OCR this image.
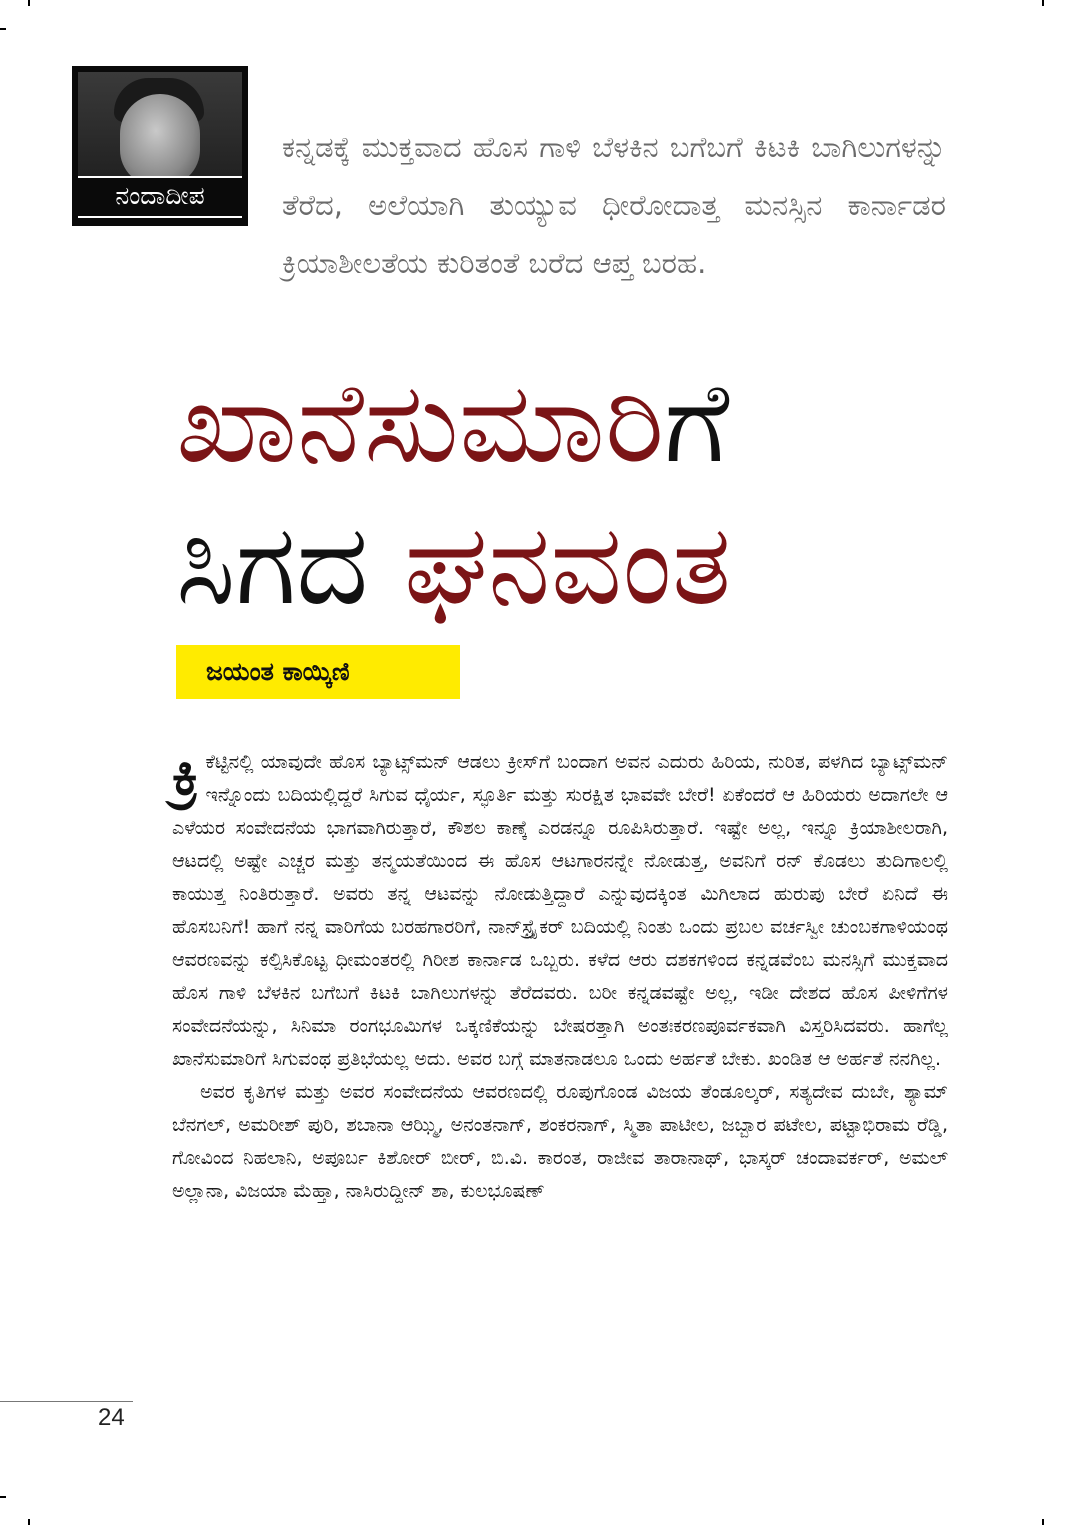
ನಂದಾದೀಪ
ಕನ್ನಡಕ್ಕೆ ಮುಕ್ತವಾದ ಹೊಸ ಗಾಳಿ ಬೆಳಕಿನ ಬಗೆಬಗೆ ಕಿಟಕಿ ಬಾಗಿಲುಗಳನ್ನು ತೆರೆದ, ಅಲೆಯಾಗಿ ತುಯ್ಯುವ ಧೀರೋದಾತ್ತ ಮನಸ್ಸಿನ ಕಾರ್ನಾಡರ ಕ್ರಿಯಾಶೀಲತೆಯ ಕುರಿತಂತೆ ಬರೆದ ಆಪ್ತ ಬರಹ.
ಖಾನೆಸುಮಾರಿಗೆ
ಸಿಗದ ಘನವಂತ
ಜಯಂತ ಕಾಯ್ಕಿಣಿ

ಕ್ರಿ ಕೆಟ್ಟಿನಲ್ಲಿ ಯಾವುದೇ ಹೊಸ ಬ್ಯಾಟ್ಸ್‌ಮನ್ ಆಡಲು ಕ್ರೀಸ್‌ಗೆ ಬಂದಾಗ ಅವನ ಎದುರು ಹಿರಿಯ, ನುರಿತ, ಪಳಗಿದ ಬ್ಯಾಟ್ಸ್‌ಮನ್ ಇನ್ನೊಂದು ಬದಿಯಲ್ಲಿದ್ದರೆ ಸಿಗುವ ಧೈರ್ಯ, ಸ್ಫೂರ್ತಿ ಮತ್ತು ಸುರಕ್ಷಿತ ಭಾವವೇ ಬೇರೆ! ಏಕೆಂದರೆ ಆ ಹಿರಿಯರು ಅದಾಗಲೇ ಆ ಎಳೆಯರ ಸಂವೇದನೆಯ ಭಾಗವಾಗಿರುತ್ತಾರೆ, ಕೌಶಲ ಕಾಣ್ಕೆ ಎರಡನ್ನೂ ರೂಪಿಸಿರುತ್ತಾರೆ. ಇಷ್ಟೇ ಅಲ್ಲ, ಇನ್ನೂ ಕ್ರಿಯಾಶೀಲರಾಗಿ, ಆಟದಲ್ಲಿ ಅಷ್ಟೇ ಎಚ್ಚರ ಮತ್ತು ತನ್ಮಯತೆಯಿಂದ ಈ ಹೊಸ ಆಟಗಾರನನ್ನೇ ನೋಡುತ್ತ, ಅವನಿಗೆ ರನ್ ಕೊಡಲು ತುದಿಗಾಲಲ್ಲಿ ಕಾಯುತ್ತ ನಿಂತಿರುತ್ತಾರೆ. ಅವರು ತನ್ನ ಆಟವನ್ನು ನೋಡುತ್ತಿದ್ದಾರೆ ಎನ್ನುವುದಕ್ಕಿಂತ ಮಿಗಿಲಾದ ಹುರುಪು ಬೇರೆ ಏನಿದೆ ಈ ಹೊಸಬನಿಗೆ! ಹಾಗೆ ನನ್ನ ವಾರಿಗೆಯ ಬರಹಗಾರರಿಗೆ, ನಾನ್‌ಸ್ಟ್ರೈಕರ್ ಬದಿಯಲ್ಲಿ ನಿಂತು ಒಂದು ಪ್ರಬಲ ವರ್ಚಸ್ವೀ ಚುಂಬಕಗಾಳಿಯಂಥ ಆವರಣವನ್ನು ಕಲ್ಪಿಸಿಕೊಟ್ಟ ಧೀಮಂತರಲ್ಲಿ ಗಿರೀಶ ಕಾರ್ನಾಡ ಒಬ್ಬರು. ಕಳೆದ ಆರು ದಶಕಗಳಿಂದ ಕನ್ನಡವೆಂಬ ಮನಸ್ಸಿಗೆ ಮುಕ್ತವಾದ ಹೊಸ ಗಾಳಿ ಬೆಳಕಿನ ಬಗೆಬಗೆ ಕಿಟಕಿ ಬಾಗಿಲುಗಳನ್ನು ತೆರೆದವರು. ಬರೀ ಕನ್ನಡವಷ್ಟೇ ಅಲ್ಲ, ಇಡೀ ದೇಶದ ಹೊಸ ಪೀಳಿಗೆಗಳ ಸಂವೇದನೆಯನ್ನು, ಸಿನಿಮಾ ರಂಗಭೂಮಿಗಳ ಒಕ್ಕಣಿಕೆಯನ್ನು ಬೇಷರತ್ತಾಗಿ ಅಂತಃಕರಣಪೂರ್ವಕವಾಗಿ ವಿಸ್ತರಿಸಿದವರು. ಹಾಗೆಲ್ಲ ಖಾನೆಸುಮಾರಿಗೆ ಸಿಗುವಂಥ ಪ್ರತಿಭೆಯಲ್ಲ ಅದು. ಅವರ ಬಗ್ಗೆ ಮಾತನಾಡಲೂ ಒಂದು ಅರ್ಹತೆ ಬೇಕು. ಖಂಡಿತ ಆ ಅರ್ಹತೆ ನನಗಿಲ್ಲ.

ಅವರ ಕೃತಿಗಳ ಮತ್ತು ಅವರ ಸಂವೇದನೆಯ ಆವರಣದಲ್ಲಿ ರೂಪುಗೊಂಡ ವಿಜಯ ತೆಂಡೂಲ್ಕರ್, ಸತ್ಯದೇವ ದುಬೇ, ಶ್ಯಾಮ್ ಬೆನಗಲ್, ಅಮರೀಶ್ ಪುರಿ, ಶಬಾನಾ ಆಝ್ಮಿ, ಅನಂತನಾಗ್, ಶಂಕರನಾಗ್, ಸ್ಮಿತಾ ಪಾಟೀಲ, ಜಬ್ಬಾರ ಪಟೇಲ, ಪಟ್ಟಾಭಿರಾಮ ರೆಡ್ಡಿ, ಗೋವಿಂದ ನಿಹಲಾನಿ, ಅಪೂರ್ಬ ಕಿಶೋರ್ ಬೀರ್, ಬಿ.ವಿ. ಕಾರಂತ, ರಾಜೀವ ತಾರಾನಾಥ್, ಭಾಸ್ಕರ್ ಚಂದಾವರ್ಕರ್, ಅಮಲ್ ಅಲ್ಲಾನಾ, ವಿಜಯಾ ಮೆಹ್ತಾ, ನಾಸಿರುದ್ದೀನ್ ಶಾ, ಕುಲಭೂಷಣ್

24
